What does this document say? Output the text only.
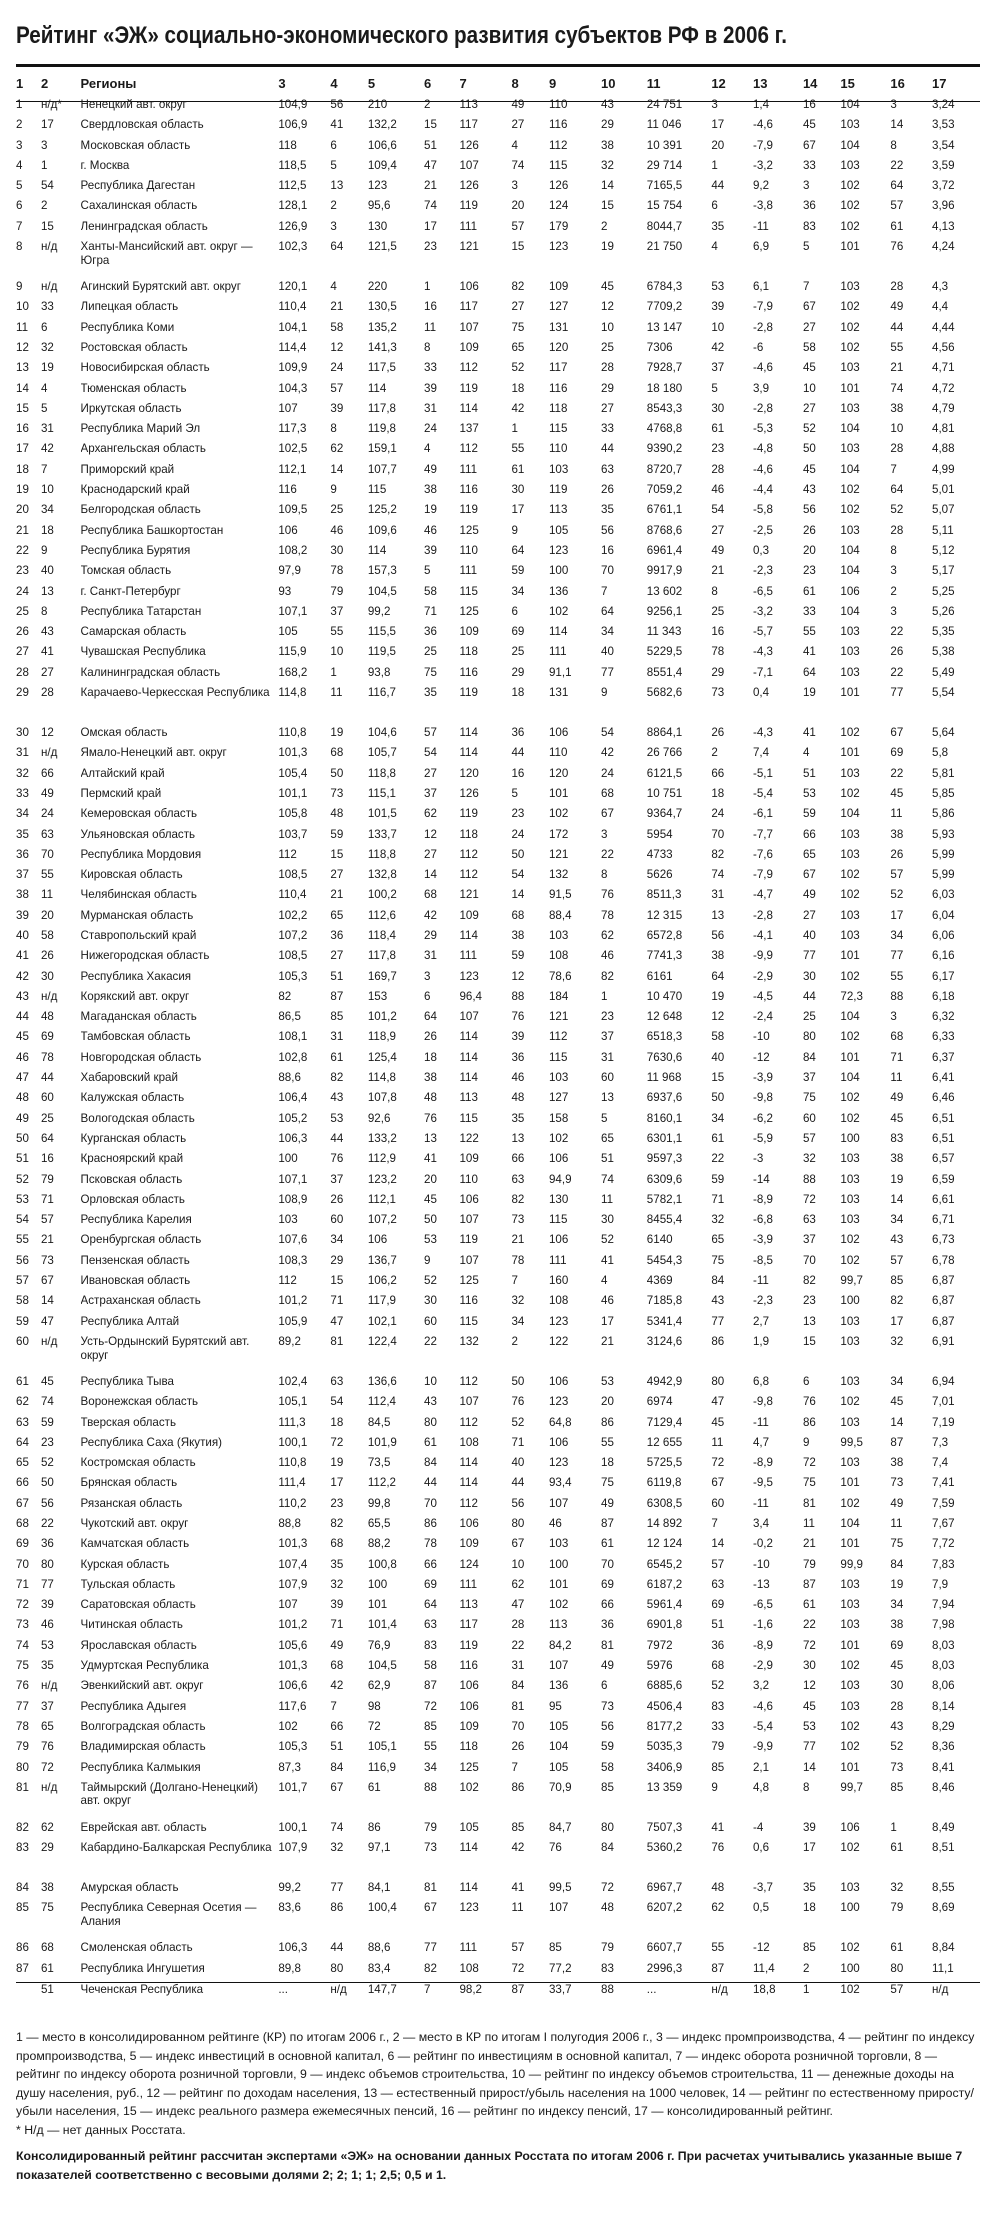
Рейтинг «ЭЖ» социально-экономического развития субъектов РФ в 2006 г.
1	2	Регионы	3	4	5	6	7	8	9	10	11	12	13	14	15	16	17
1	н/д*	Ненецкий авт. округ	104,9	56	210	2	113	49	110	43	24 751	3	1,4	16	104	3	3,24
2	17	Свердловская область	106,9	41	132,2	15	117	27	116	29	11 046	17	-4,6	45	103	14	3,53
3	3	Московская область	118	6	106,6	51	126	4	112	38	10 391	20	-7,9	67	104	8	3,54
4	1	г. Москва	118,5	5	109,4	47	107	74	115	32	29 714	1	-3,2	33	103	22	3,59
5	54	Республика Дагестан	112,5	13	123	21	126	3	126	14	7165,5	44	9,2	3	102	64	3,72
6	2	Сахалинская область	128,1	2	95,6	74	119	20	124	15	15 754	6	-3,8	36	102	57	3,96
7	15	Ленинградская область	126,9	3	130	17	111	57	179	2	8044,7	35	-11	83	102	61	4,13
8	н/д	Ханты-Мансийский авт. округ — Югра	102,3	64	121,5	23	121	15	123	19	21 750	4	6,9	5	101	76	4,24
9	н/д	Агинский Бурятский авт. округ	120,1	4	220	1	106	82	109	45	6784,3	53	6,1	7	103	28	4,3
10	33	Липецкая область	110,4	21	130,5	16	117	27	127	12	7709,2	39	-7,9	67	102	49	4,4
11	6	Республика Коми	104,1	58	135,2	11	107	75	131	10	13 147	10	-2,8	27	102	44	4,44
12	32	Ростовская область	114,4	12	141,3	8	109	65	120	25	7306	42	-6	58	102	55	4,56
13	19	Новосибирская область	109,9	24	117,5	33	112	52	117	28	7928,7	37	-4,6	45	103	21	4,71
14	4	Тюменская область	104,3	57	114	39	119	18	116	29	18 180	5	3,9	10	101	74	4,72
15	5	Иркутская область	107	39	117,8	31	114	42	118	27	8543,3	30	-2,8	27	103	38	4,79
16	31	Республика Марий Эл	117,3	8	119,8	24	137	1	115	33	4768,8	61	-5,3	52	104	10	4,81
17	42	Архангельская область	102,5	62	159,1	4	112	55	110	44	9390,2	23	-4,8	50	103	28	4,88
18	7	Приморский край	112,1	14	107,7	49	111	61	103	63	8720,7	28	-4,6	45	104	7	4,99
19	10	Краснодарский край	116	9	115	38	116	30	119	26	7059,2	46	-4,4	43	102	64	5,01
20	34	Белгородская область	109,5	25	125,2	19	119	17	113	35	6761,1	54	-5,8	56	102	52	5,07
21	18	Республика Башкортостан	106	46	109,6	46	125	9	105	56	8768,6	27	-2,5	26	103	28	5,11
22	9	Республика Бурятия	108,2	30	114	39	110	64	123	16	6961,4	49	0,3	20	104	8	5,12
23	40	Томская область	97,9	78	157,3	5	111	59	100	70	9917,9	21	-2,3	23	104	3	5,17
24	13	г. Санкт-Петербург	93	79	104,5	58	115	34	136	7	13 602	8	-6,5	61	106	2	5,25
25	8	Республика Татарстан	107,1	37	99,2	71	125	6	102	64	9256,1	25	-3,2	33	104	3	5,26
26	43	Самарская область	105	55	115,5	36	109	69	114	34	11 343	16	-5,7	55	103	22	5,35
27	41	Чувашская Республика	115,9	10	119,5	25	118	25	111	40	5229,5	78	-4,3	41	103	26	5,38
28	27	Калининградская область	168,2	1	93,8	75	116	29	91,1	77	8551,4	29	-7,1	64	103	22	5,49
29	28	Карачаево-Черкесская Республика	114,8	11	116,7	35	119	18	131	9	5682,6	73	0,4	19	101	77	5,54
30	12	Омская область	110,8	19	104,6	57	114	36	106	54	8864,1	26	-4,3	41	102	67	5,64
31	н/д	Ямало-Ненецкий авт. округ	101,3	68	105,7	54	114	44	110	42	26 766	2	7,4	4	101	69	5,8
32	66	Алтайский край	105,4	50	118,8	27	120	16	120	24	6121,5	66	-5,1	51	103	22	5,81
33	49	Пермский край	101,1	73	115,1	37	126	5	101	68	10 751	18	-5,4	53	102	45	5,85
34	24	Кемеровская область	105,8	48	101,5	62	119	23	102	67	9364,7	24	-6,1	59	104	11	5,86
35	63	Ульяновская область	103,7	59	133,7	12	118	24	172	3	5954	70	-7,7	66	103	38	5,93
36	70	Республика Мордовия	112	15	118,8	27	112	50	121	22	4733	82	-7,6	65	103	26	5,99
37	55	Кировская область	108,5	27	132,8	14	112	54	132	8	5626	74	-7,9	67	102	57	5,99
38	11	Челябинская область	110,4	21	100,2	68	121	14	91,5	76	8511,3	31	-4,7	49	102	52	6,03
39	20	Мурманская область	102,2	65	112,6	42	109	68	88,4	78	12 315	13	-2,8	27	103	17	6,04
40	58	Ставропольский край	107,2	36	118,4	29	114	38	103	62	6572,8	56	-4,1	40	103	34	6,06
41	26	Нижегородская область	108,5	27	117,8	31	111	59	108	46	7741,3	38	-9,9	77	101	77	6,16
42	30	Республика Хакасия	105,3	51	169,7	3	123	12	78,6	82	6161	64	-2,9	30	102	55	6,17
43	н/д	Корякский авт. округ	82	87	153	6	96,4	88	184	1	10 470	19	-4,5	44	72,3	88	6,18
44	48	Магаданская область	86,5	85	101,2	64	107	76	121	23	12 648	12	-2,4	25	104	3	6,32
45	69	Тамбовская область	108,1	31	118,9	26	114	39	112	37	6518,3	58	-10	80	102	68	6,33
46	78	Новгородская область	102,8	61	125,4	18	114	36	115	31	7630,6	40	-12	84	101	71	6,37
47	44	Хабаровский край	88,6	82	114,8	38	114	46	103	60	11 968	15	-3,9	37	104	11	6,41
48	60	Калужская область	106,4	43	107,8	48	113	48	127	13	6937,6	50	-9,8	75	102	49	6,46
49	25	Вологодская область	105,2	53	92,6	76	115	35	158	5	8160,1	34	-6,2	60	102	45	6,51
50	64	Курганская область	106,3	44	133,2	13	122	13	102	65	6301,1	61	-5,9	57	100	83	6,51
51	16	Красноярский край	100	76	112,9	41	109	66	106	51	9597,3	22	-3	32	103	38	6,57
52	79	Псковская область	107,1	37	123,2	20	110	63	94,9	74	6309,6	59	-14	88	103	19	6,59
53	71	Орловская область	108,9	26	112,1	45	106	82	130	11	5782,1	71	-8,9	72	103	14	6,61
54	57	Республика Карелия	103	60	107,2	50	107	73	115	30	8455,4	32	-6,8	63	103	34	6,71
55	21	Оренбургская область	107,6	34	106	53	119	21	106	52	6140	65	-3,9	37	102	43	6,73
56	73	Пензенская область	108,3	29	136,7	9	107	78	111	41	5454,3	75	-8,5	70	102	57	6,78
57	67	Ивановская область	112	15	106,2	52	125	7	160	4	4369	84	-11	82	99,7	85	6,87
58	14	Астраханская область	101,2	71	117,9	30	116	32	108	46	7185,8	43	-2,3	23	100	82	6,87
59	47	Республика Алтай	105,9	47	102,1	60	115	34	123	17	5341,4	77	2,7	13	103	17	6,87
60	н/д	Усть-Ордынский Бурятский авт. округ	89,2	81	122,4	22	132	2	122	21	3124,6	86	1,9	15	103	32	6,91
61	45	Республика Тыва	102,4	63	136,6	10	112	50	106	53	4942,9	80	6,8	6	103	34	6,94
62	74	Воронежская область	105,1	54	112,4	43	107	76	123	20	6974	47	-9,8	76	102	45	7,01
63	59	Тверская область	111,3	18	84,5	80	112	52	64,8	86	7129,4	45	-11	86	103	14	7,19
64	23	Республика Саха (Якутия)	100,1	72	101,9	61	108	71	106	55	12 655	11	4,7	9	99,5	87	7,3
65	52	Костромская область	110,8	19	73,5	84	114	40	123	18	5725,5	72	-8,9	72	103	38	7,4
66	50	Брянская область	111,4	17	112,2	44	114	44	93,4	75	6119,8	67	-9,5	75	101	73	7,41
67	56	Рязанская область	110,2	23	99,8	70	112	56	107	49	6308,5	60	-11	81	102	49	7,59
68	22	Чукотский авт. округ	88,8	82	65,5	86	106	80	46	87	14 892	7	3,4	11	104	11	7,67
69	36	Камчатская область	101,3	68	88,2	78	109	67	103	61	12 124	14	-0,2	21	101	75	7,72
70	80	Курская область	107,4	35	100,8	66	124	10	100	70	6545,2	57	-10	79	99,9	84	7,83
71	77	Тульская область	107,9	32	100	69	111	62	101	69	6187,2	63	-13	87	103	19	7,9
72	39	Саратовская область	107	39	101	64	113	47	102	66	5961,4	69	-6,5	61	103	34	7,94
73	46	Читинская область	101,2	71	101,4	63	117	28	113	36	6901,8	51	-1,6	22	103	38	7,98
74	53	Ярославская область	105,6	49	76,9	83	119	22	84,2	81	7972	36	-8,9	72	101	69	8,03
75	35	Удмуртская Республика	101,3	68	104,5	58	116	31	107	49	5976	68	-2,9	30	102	45	8,03
76	н/д	Эвенкийский авт. округ	106,6	42	62,9	87	106	84	136	6	6885,6	52	3,2	12	103	30	8,06
77	37	Республика Адыгея	117,6	7	98	72	106	81	95	73	4506,4	83	-4,6	45	103	28	8,14
78	65	Волгоградская область	102	66	72	85	109	70	105	56	8177,2	33	-5,4	53	102	43	8,29
79	76	Владимирская область	105,3	51	105,1	55	118	26	104	59	5035,3	79	-9,9	77	102	52	8,36
80	72	Республика Калмыкия	87,3	84	116,9	34	125	7	105	58	3406,9	85	2,1	14	101	73	8,41
81	н/д	Таймырский (Долгано-Ненецкий) авт. округ	101,7	67	61	88	102	86	70,9	85	13 359	9	4,8	8	99,7	85	8,46
82	62	Еврейская авт. область	100,1	74	86	79	105	85	84,7	80	7507,3	41	-4	39	106	1	8,49
83	29	Кабардино-Балкарская Республика	107,9	32	97,1	73	114	42	76	84	5360,2	76	0,6	17	102	61	8,51
84	38	Амурская область	99,2	77	84,1	81	114	41	99,5	72	6967,7	48	-3,7	35	103	32	8,55
85	75	Республика Северная Осетия — Алания	83,6	86	100,4	67	123	11	107	48	6207,2	62	0,5	18	100	79	8,69
86	68	Смоленская область	106,3	44	88,6	77	111	57	85	79	6607,7	55	-12	85	102	61	8,84
87	61	Республика Ингушетия	89,8	80	83,4	82	108	72	77,2	83	2996,3	87	11,4	2	100	80	11,1
	51	Чеченская Республика	...	н/д	147,7	7	98,2	87	33,7	88	...	н/д	18,8	1	102	57	н/д

1 — место в консолидированном рейтинге (КР) по итогам 2006 г., 2 — место в КР по итогам I полугодия 2006 г., 3 — индекс промпроизводства, 4 — рейтинг по индексу промпроизводства, 5 — индекс инвестиций в основной капитал, 6 — рейтинг по инвестициям в основной капитал, 7 — индекс оборота розничной торговли, 8 — рейтинг по индексу оборота розничной торговли, 9 — индекс объемов строительства, 10 — рейтинг по индексу объемов строительства, 11 — денежные доходы на душу населения, руб., 12 — рейтинг по доходам населения, 13 — естественный прирост/убыль населения на 1000 человек, 14 — рейтинг по естественному приросту/убыли населения, 15 — индекс реального размера ежемесячных пенсий, 16 — рейтинг по индексу пенсий, 17 — консолидированный рейтинг.

* Н/д — нет данных Росстата.

Консолидированный рейтинг рассчитан экспертами «ЭЖ» на основании данных Росстата по итогам 2006 г. При расчетах учитывались указанные выше 7 показателей соответственно с весовыми долями 2; 2; 1; 1; 2,5; 0,5 и 1.
